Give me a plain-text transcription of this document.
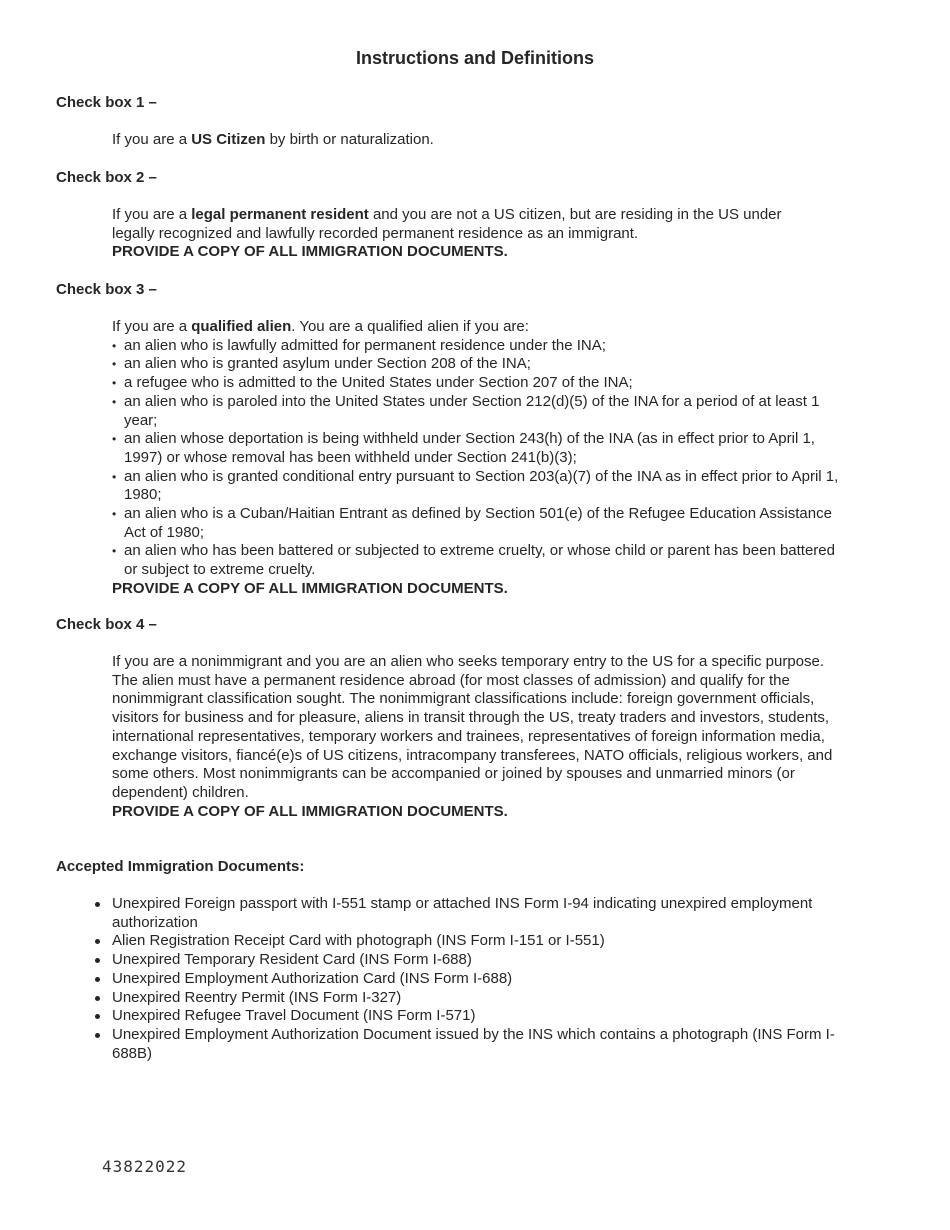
Instructions and Definitions
Check box 1 –

If you are a US Citizen by birth or naturalization.

Check box 2 –

If you are a legal permanent resident and you are not a US citizen, but are residing in the US under legally recognized and lawfully recorded permanent residence as an immigrant.

PROVIDE A COPY OF ALL IMMIGRATION DOCUMENTS.

Check box 3 –

If you are a qualified alien. You are a qualified alien if you are:

• an alien who is lawfully admitted for permanent residence under the INA;
• an alien who is granted asylum under Section 208 of the INA;
• a refugee who is admitted to the United States under Section 207 of the INA;
• an alien who is paroled into the United States under Section 212(d)(5) of the INA for a period of at least 1 year;
• an alien whose deportation is being withheld under Section 243(h) of the INA (as in effect prior to April 1, 1997) or whose removal has been withheld under Section 241(b)(3);
• an alien who is granted conditional entry pursuant to Section 203(a)(7) of the INA as in effect prior to April 1, 1980;
• an alien who is a Cuban/Haitian Entrant as defined by Section 501(e) of the Refugee Education Assistance Act of 1980;
• an alien who has been battered or subjected to extreme cruelty, or whose child or parent has been battered or subject to extreme cruelty.

PROVIDE A COPY OF ALL IMMIGRATION DOCUMENTS.

Check box 4 –

If you are a nonimmigrant and you are an alien who seeks temporary entry to the US for a specific purpose. The alien must have a permanent residence abroad (for most classes of admission) and qualify for the nonimmigrant classification sought. The nonimmigrant classifications include: foreign government officials, visitors for business and for pleasure, aliens in transit through the US, treaty traders and investors, students, international representatives, temporary workers and trainees, representatives of foreign information media, exchange visitors, fiancé(e)s of US citizens, intracompany transferees, NATO officials, religious workers, and some others. Most nonimmigrants can be accompanied or joined by spouses and unmarried minors (or dependent) children.

PROVIDE A COPY OF ALL IMMIGRATION DOCUMENTS.

Accepted Immigration Documents:
Unexpired Foreign passport with I-551 stamp or attached INS Form I-94 indicating unexpired employment authorization
Alien Registration Receipt Card with photograph (INS Form I-151 or I-551)
Unexpired Temporary Resident Card (INS Form I-688)
Unexpired Employment Authorization Card (INS Form I-688)
Unexpired Reentry Permit (INS Form I-327)
Unexpired Refugee Travel Document (INS Form I-571)
Unexpired Employment Authorization Document issued by the INS which contains a photograph (INS Form I-688B)
43822022
